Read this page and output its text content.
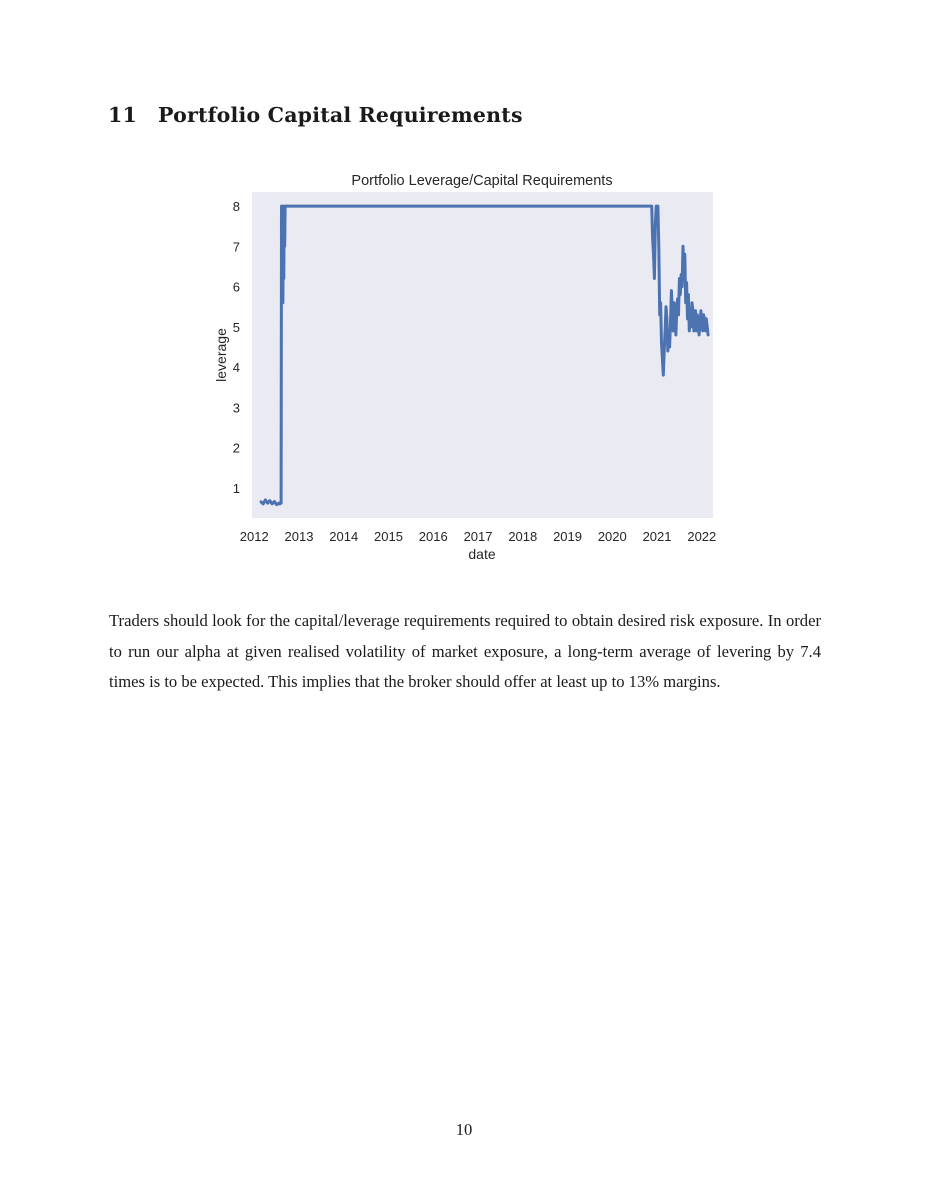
11 Portfolio Capital Requirements
Portfolio Leverage/Capital Requirements
1
2
3
4
5
6
7
8
2012 2013 2014 2015 2016 2017 2018 2019 2020 2021 2022
date
leverage

Traders should look for the capital/leverage requirements required to obtain desired risk exposure. In order to run our alpha at given realised volatility of market exposure, a long-term average of levering by 7.4 times is to be expected. This implies that the broker should offer at least up to 13% margins.

10
